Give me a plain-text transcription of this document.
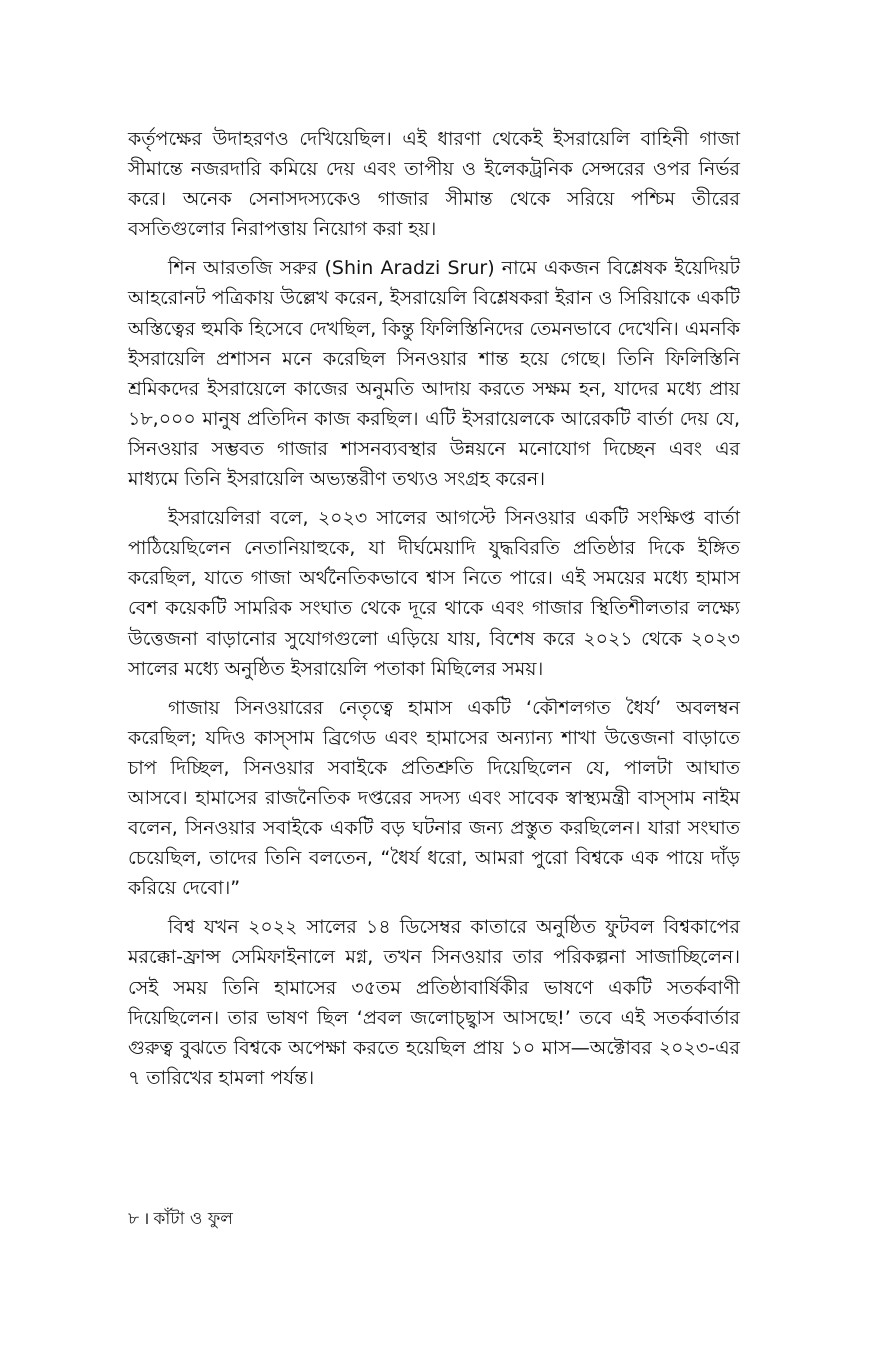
কর্তৃপক্ষের উদাহরণও দেখিয়েছিল। এই ধারণা থেকেই ইসরায়েলি বাহিনী গাজা সীমান্তে নজরদারি কমিয়ে দেয় এবং তাপীয় ও ইলেকট্রনিক সেন্সরের ওপর নির্ভর করে। অনেক সেনাসদস্যকেও গাজার সীমান্ত থেকে সরিয়ে পশ্চিম তীরের বসতিগুলোর নিরাপত্তায় নিয়োগ করা হয়।

শিন আরতজি সরুর (Shin Aradzi Srur) নামে একজন বিশ্লেষক ইয়েদিয়ট আহরোনট পত্রিকায় উল্লেখ করেন, ইসরায়েলি বিশ্লেষকরা ইরান ও সিরিয়াকে একটি অস্তিত্বের হুমকি হিসেবে দেখছিল, কিন্তু ফিলিস্তিনিদের তেমনভাবে দেখেনি। এমনকি ইসরায়েলি প্রশাসন মনে করেছিল সিনওয়ার শান্ত হয়ে গেছে। তিনি ফিলিস্তিনি শ্রমিকদের ইসরায়েলে কাজের অনুমতি আদায় করতে সক্ষম হন, যাদের মধ্যে প্রায় ১৮,০০০ মানুষ প্রতিদিন কাজ করছিল। এটি ইসরায়েলকে আরেকটি বার্তা দেয় যে, সিনওয়ার সম্ভবত গাজার শাসনব্যবস্থার উন্নয়নে মনোযোগ দিচ্ছেন এবং এর মাধ্যমে তিনি ইসরায়েলি অভ্যন্তরীণ তথ্যও সংগ্রহ করেন।

ইসরায়েলিরা বলে, ২০২৩ সালের আগস্টে সিনওয়ার একটি সংক্ষিপ্ত বার্তা পাঠিয়েছিলেন নেতানিয়াহুকে, যা দীর্ঘমেয়াদি যুদ্ধবিরতি প্রতিষ্ঠার দিকে ইঙ্গিত করেছিল, যাতে গাজা অর্থনৈতিকভাবে শ্বাস নিতে পারে। এই সময়ের মধ্যে হামাস বেশ কয়েকটি সামরিক সংঘাত থেকে দূরে থাকে এবং গাজার স্থিতিশীলতার লক্ষ্যে উত্তেজনা বাড়ানোর সুযোগগুলো এড়িয়ে যায়, বিশেষ করে ২০২১ থেকে ২০২৩ সালের মধ্যে অনুষ্ঠিত ইসরায়েলি পতাকা মিছিলের সময়।

গাজায় সিনওয়ারের নেতৃত্বে হামাস একটি ‘কৌশলগত ধৈর্য’ অবলম্বন করেছিল; যদিও কাস্সাম ব্রিগেড এবং হামাসের অন্যান্য শাখা উত্তেজনা বাড়াতে চাপ দিচ্ছিল, সিনওয়ার সবাইকে প্রতিশ্রুতি দিয়েছিলেন যে, পালটা আঘাত আসবে। হামাসের রাজনৈতিক দপ্তরের সদস্য এবং সাবেক স্বাস্থ্যমন্ত্রী বাস্সাম নাইম বলেন, সিনওয়ার সবাইকে একটি বড় ঘটনার জন্য প্রস্তুত করছিলেন। যারা সংঘাত চেয়েছিল, তাদের তিনি বলতেন, “ধৈর্য ধরো, আমরা পুরো বিশ্বকে এক পায়ে দাঁড় করিয়ে দেবো।”

বিশ্ব যখন ২০২২ সালের ১৪ ডিসেম্বর কাতারে অনুষ্ঠিত ফুটবল বিশ্বকাপের মরক্কো-ফ্রান্স সেমিফাইনালে মগ্ন, তখন সিনওয়ার তার পরিকল্পনা সাজাচ্ছিলেন। সেই সময় তিনি হামাসের ৩৫তম প্রতিষ্ঠাবার্ষিকীর ভাষণে একটি সতর্কবাণী দিয়েছিলেন। তার ভাষণ ছিল ‘প্রবল জলোচ্ছ্বাস আসছে!’ তবে এই সতর্কবার্তার গুরুত্ব বুঝতে বিশ্বকে অপেক্ষা করতে হয়েছিল প্রায় ১০ মাস—অক্টোবর ২০২৩-এর ৭ তারিখের হামলা পর্যন্ত।

৮ । কাঁটা ও ফুল
